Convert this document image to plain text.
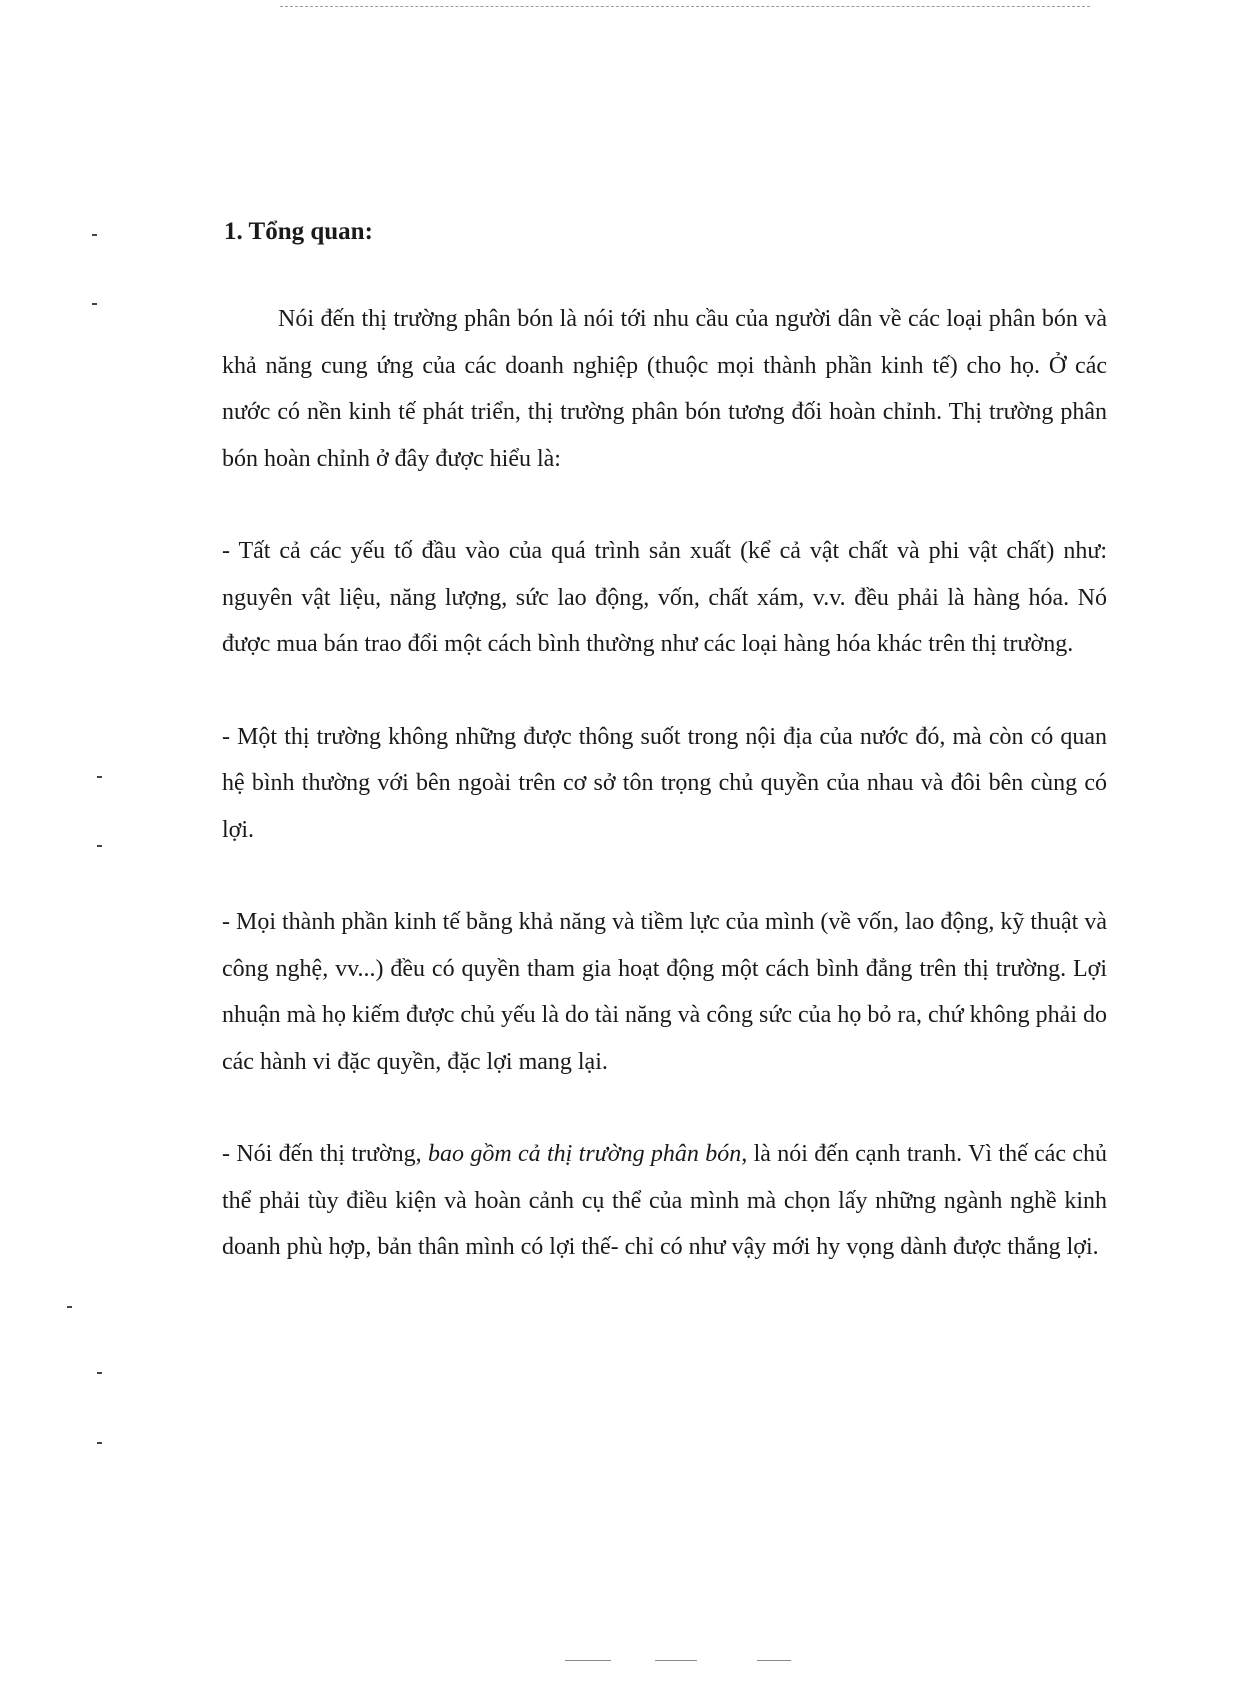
1. Tổng quan:

Nói đến thị trường phân bón là nói tới nhu cầu của người dân về các loại phân bón và khả năng cung ứng của các doanh nghiệp (thuộc mọi thành phần kinh tế) cho họ. Ở các nước có nền kinh tế phát triển, thị trường phân bón tương đối hoàn chỉnh. Thị trường phân bón hoàn chỉnh ở đây được hiểu là:

- Tất cả các yếu tố đầu vào của quá trình sản xuất (kể cả vật chất và phi vật chất) như: nguyên vật liệu, năng lượng, sức lao động, vốn, chất xám, v.v. đều phải là hàng hóa. Nó được mua bán trao đổi một cách bình thường như các loại hàng hóa khác trên thị trường.

- Một thị trường không những được thông suốt trong nội địa của nước đó, mà còn có quan hệ bình thường với bên ngoài trên cơ sở tôn trọng chủ quyền của nhau và đôi bên cùng có lợi.

- Mọi thành phần kinh tế bằng khả năng và tiềm lực của mình (về vốn, lao động, kỹ thuật và công nghệ, vv...) đều có quyền tham gia hoạt động một cách bình đẳng trên thị trường. Lợi nhuận mà họ kiếm được chủ yếu là do tài năng và công sức của họ bỏ ra, chứ không phải do các hành vi đặc quyền, đặc lợi mang lại.

- Nói đến thị trường, bao gồm cả thị trường phân bón, là nói đến cạnh tranh. Vì thế các chủ thể phải tùy điều kiện và hoàn cảnh cụ thể của mình mà chọn lấy những ngành nghề kinh doanh phù hợp, bản thân mình có lợi thế- chỉ có như vậy mới hy vọng dành được thắng lợi.
